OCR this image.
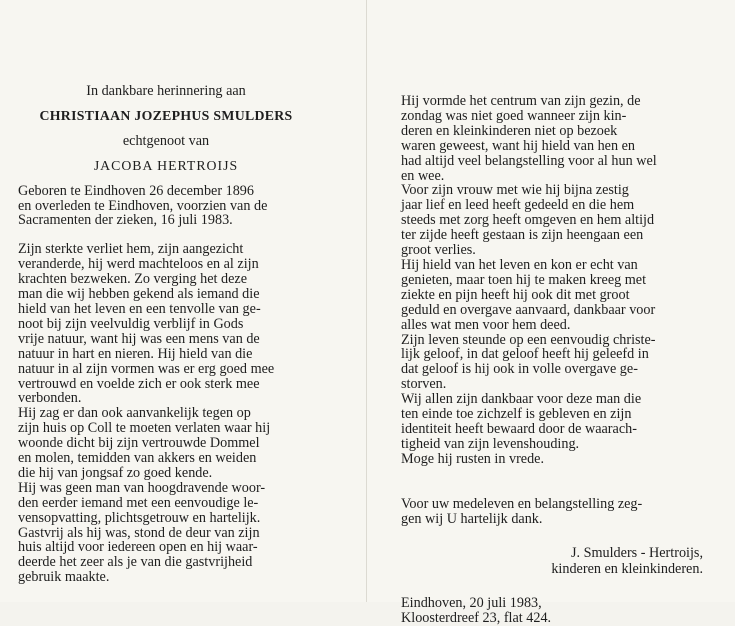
In dankbare herinnering aan
CHRISTIAAN JOZEPHUS SMULDERS
echtgenoot van
JACOBA HERTROIJS
Geboren te Eindhoven 26 december 1896
en overleden te Eindhoven, voorzien van de
Sacramenten der zieken, 16 juli 1983.
Zijn sterkte verliet hem, zijn aangezicht
veranderde, hij werd machteloos en al zijn
krachten bezweken. Zo verging het deze
man die wij hebben gekend als iemand die
hield van het leven en een tenvolle van ge-
noot bij zijn veelvuldig verblijf in Gods
vrije natuur, want hij was een mens van de
natuur in hart en nieren. Hij hield van die
natuur in al zijn vormen was er erg goed mee
vertrouwd en voelde zich er ook sterk mee
verbonden.
Hij zag er dan ook aanvankelijk tegen op
zijn huis op Coll te moeten verlaten waar hij
woonde dicht bij zijn vertrouwde Dommel
en molen, temidden van akkers en weiden
die hij van jongsaf zo goed kende.
Hij was geen man van hoogdravende woor-
den eerder iemand met een eenvoudige le-
vensopvatting, plichtsgetrouw en hartelijk.
Gastvrij als hij was, stond de deur van zijn
huis altijd voor iedereen open en hij waar-
deerde het zeer als je van die gastvrijheid
gebruik maakte.
Hij vormde het centrum van zijn gezin, de
zondag was niet goed wanneer zijn kin-
deren en kleinkinderen niet op bezoek
waren geweest, want hij hield van hen en
had altijd veel belangstelling voor al hun wel
en wee.
Voor zijn vrouw met wie hij bijna zestig
jaar lief en leed heeft gedeeld en die hem
steeds met zorg heeft omgeven en hem altijd
ter zijde heeft gestaan is zijn heengaan een
groot verlies.
Hij hield van het leven en kon er echt van
genieten, maar toen hij te maken kreeg met
ziekte en pijn heeft hij ook dit met groot
geduld en overgave aanvaard, dankbaar voor
alles wat men voor hem deed.
Zijn leven steunde op een eenvoudig christe-
lijk geloof, in dat geloof heeft hij geleefd in
dat geloof is hij ook in volle overgave ge-
storven.
Wij allen zijn dankbaar voor deze man die
ten einde toe zichzelf is gebleven en zijn
identiteit heeft bewaard door de waarach-
tigheid van zijn levenshouding.
Moge hij rusten in vrede.
Voor uw medeleven en belangstelling zeg-
gen wij U hartelijk dank.
J. Smulders - Hertroijs,
kinderen en kleinkinderen.
Eindhoven, 20 juli 1983,
Kloosterdreef 23, flat 424.
